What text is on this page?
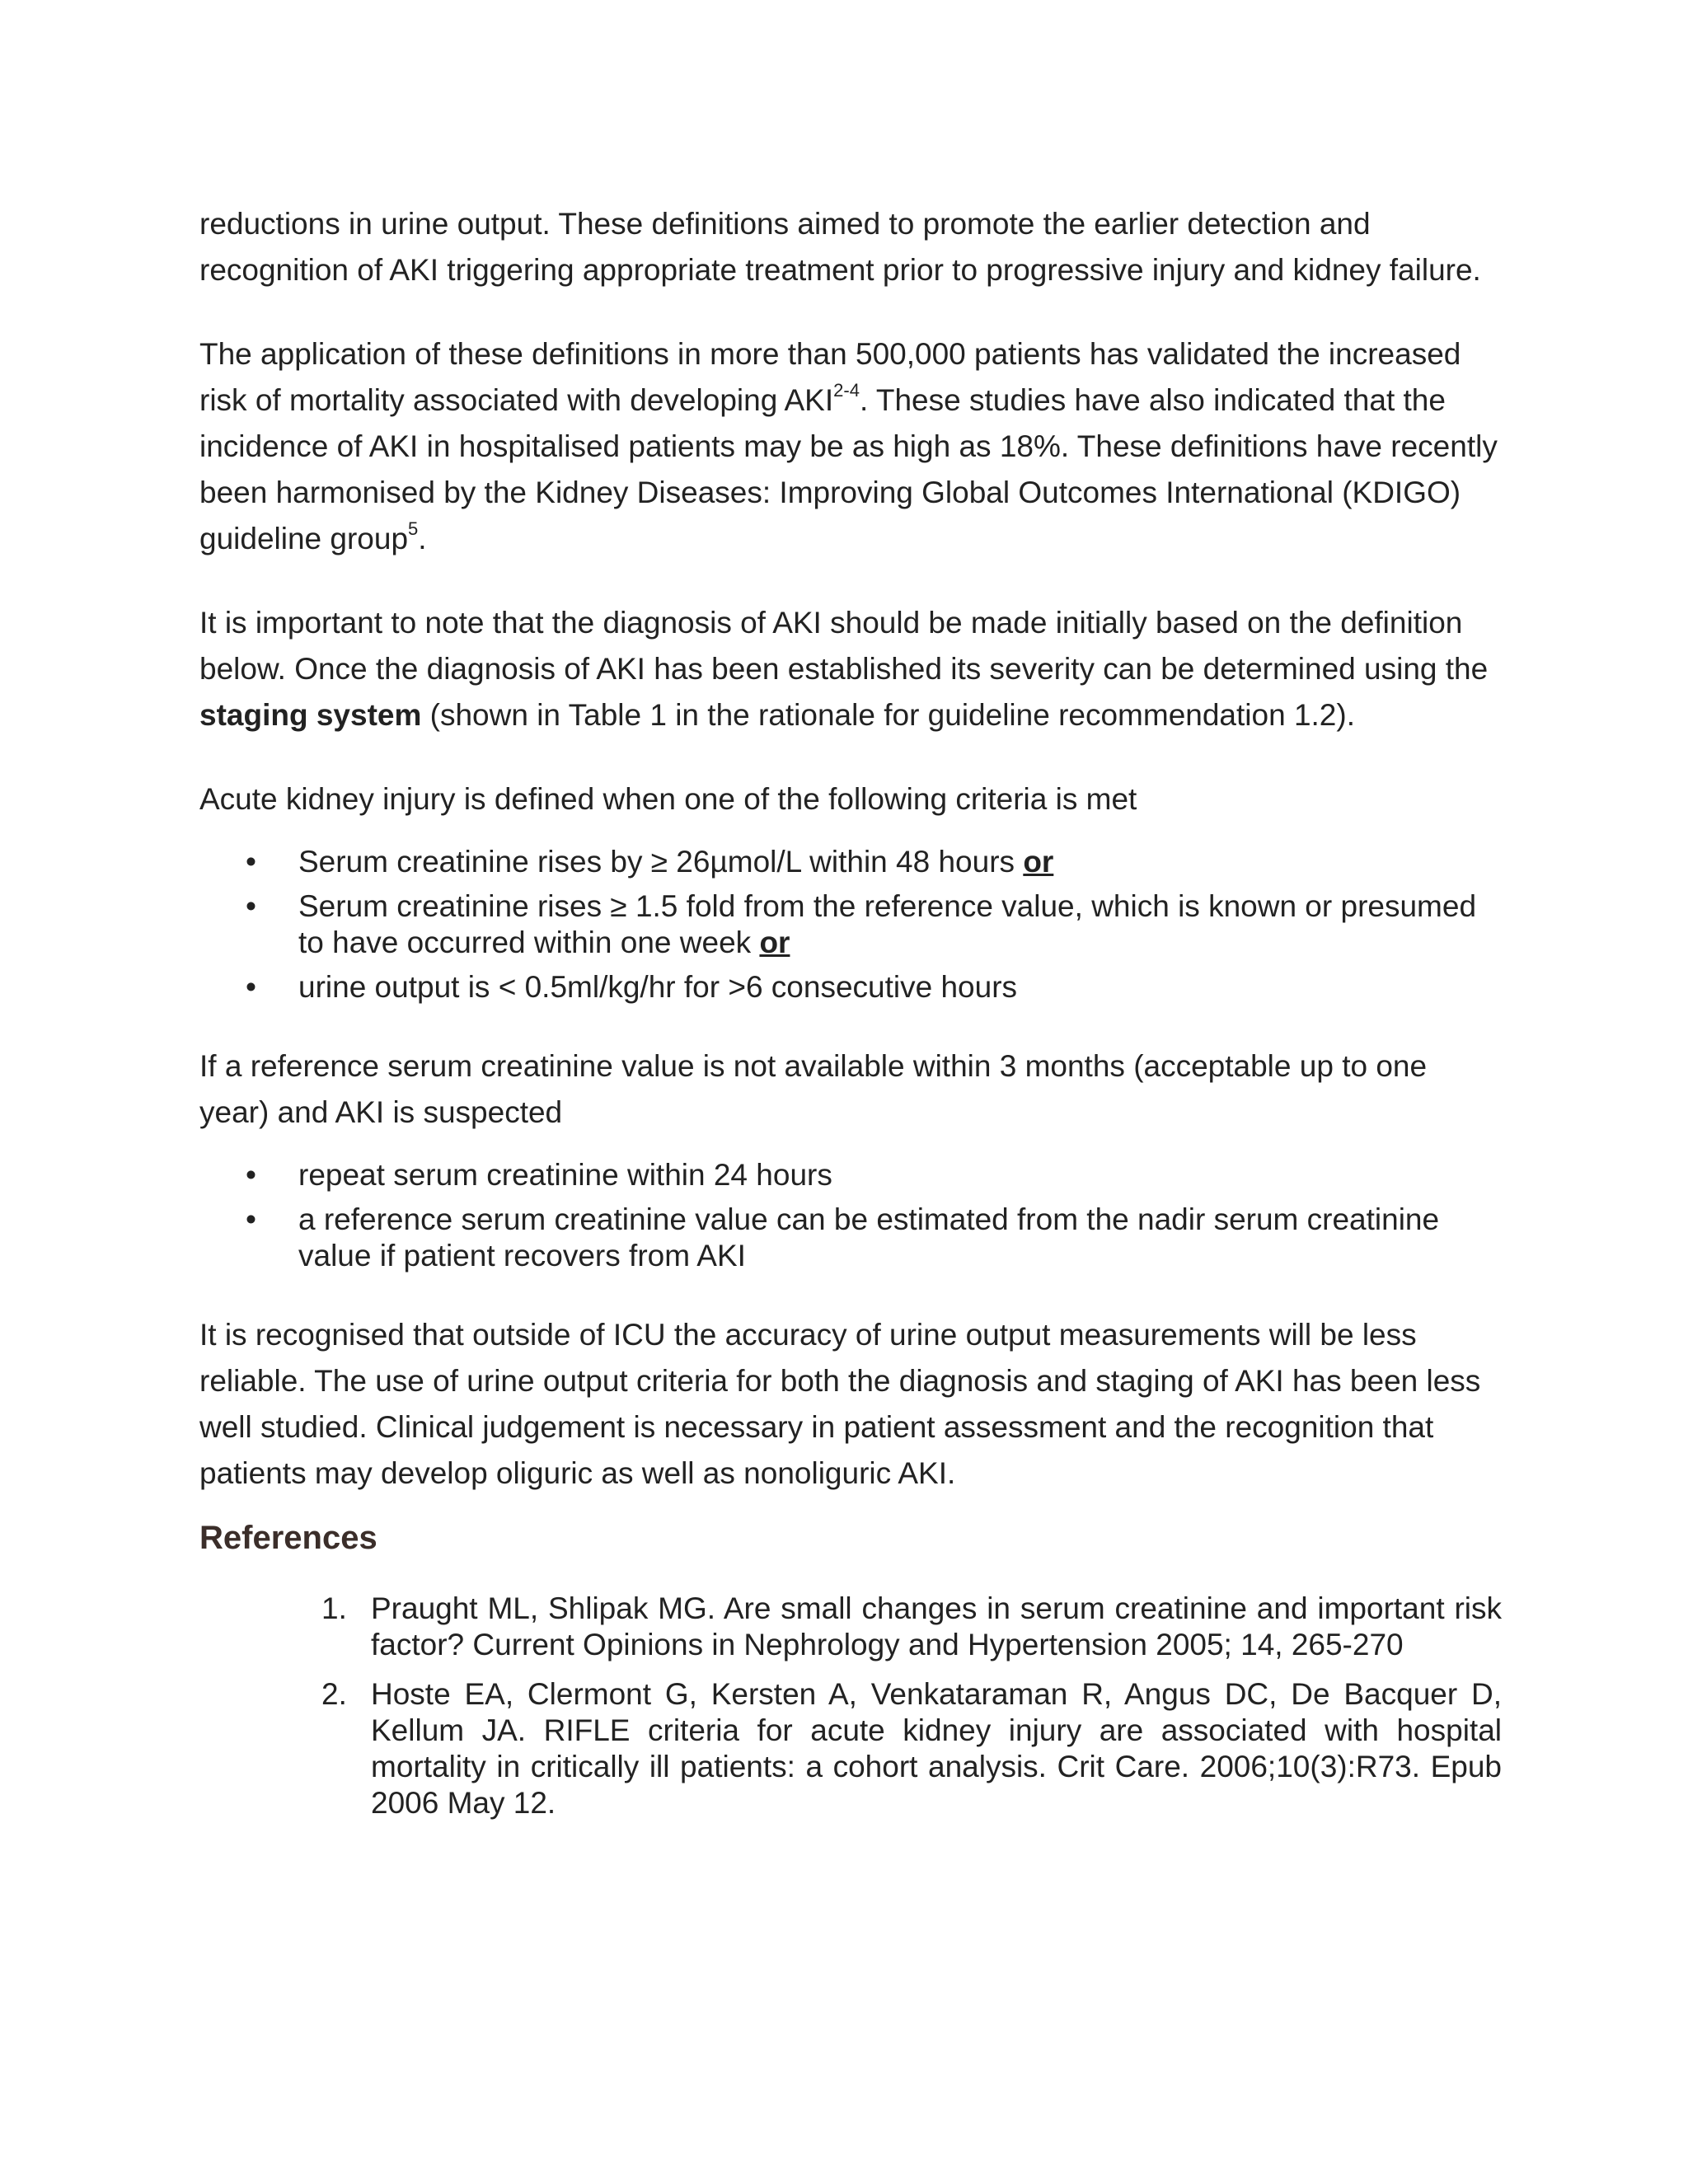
reductions in urine output. These definitions aimed to promote the earlier detection and recognition of AKI triggering appropriate treatment prior to progressive injury and kidney failure.

The application of these definitions in more than 500,000 patients has validated the increased risk of mortality associated with developing AKI$^{2-4}$. These studies have also indicated that the incidence of AKI in hospitalised patients may be as high as 18%. These definitions have recently been harmonised by the Kidney Diseases: Improving Global Outcomes International (KDIGO) guideline group$^5$.

It is important to note that the diagnosis of AKI should be made initially based on the definition below. Once the diagnosis of AKI has been established its severity can be determined using the staging system (shown in Table 1 in the rationale for guideline recommendation 1.2).

Acute kidney injury is defined when one of the following criteria is met

• Serum creatinine rises by ≥ 26µmol/L within 48 hours or
• Serum creatinine rises ≥ 1.5 fold from the reference value, which is known or presumed to have occurred within one week or
• urine output is < 0.5ml/kg/hr for >6 consecutive hours

If a reference serum creatinine value is not available within 3 months (acceptable up to one year) and AKI is suspected

• repeat serum creatinine within 24 hours
• a reference serum creatinine value can be estimated from the nadir serum creatinine value if patient recovers from AKI

It is recognised that outside of ICU the accuracy of urine output measurements will be less reliable. The use of urine output criteria for both the diagnosis and staging of AKI has been less well studied. Clinical judgement is necessary in patient assessment and the recognition that patients may develop oliguric as well as nonoliguric AKI.

References
1. Praught ML, Shlipak MG. Are small changes in serum creatinine and important risk factor? Current Opinions in Nephrology and Hypertension 2005; 14, 265-270
2. Hoste EA, Clermont G, Kersten A, Venkataraman R, Angus DC, De Bacquer D, Kellum JA. RIFLE criteria for acute kidney injury are associated with hospital mortality in critically ill patients: a cohort analysis. Crit Care. 2006;10(3):R73. Epub 2006 May 12.
